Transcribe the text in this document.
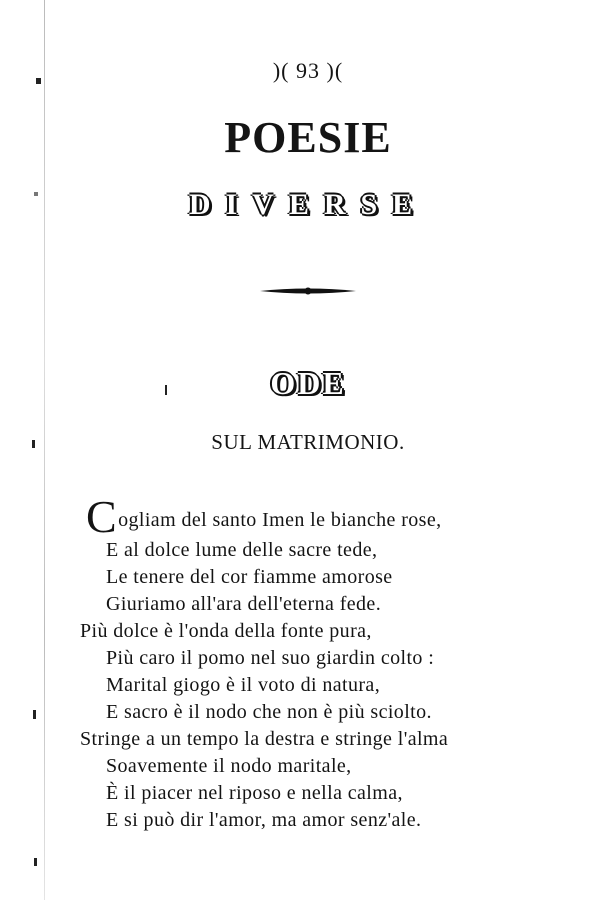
)( 93 )(
POESIE
DIVERSE
ODE
SUL MATRIMONIO.
Cogliam del santo Imen le bianche rose,
E al dolce lume delle sacre tede,
Le tenere del cor fiamme amorose
Giuriamo all'ara dell'eterna fede.
Più dolce è l'onda della fonte pura,
Più caro il pomo nel suo giardin colto :
Marital giogo è il voto di natura,
E sacro è il nodo che non è più sciolto.
Stringe a un tempo la destra e stringe l'alma
Soavemente il nodo maritale,
È il piacer nel riposo e nella calma,
E si può dir l'amor, ma amor senz'ale.
